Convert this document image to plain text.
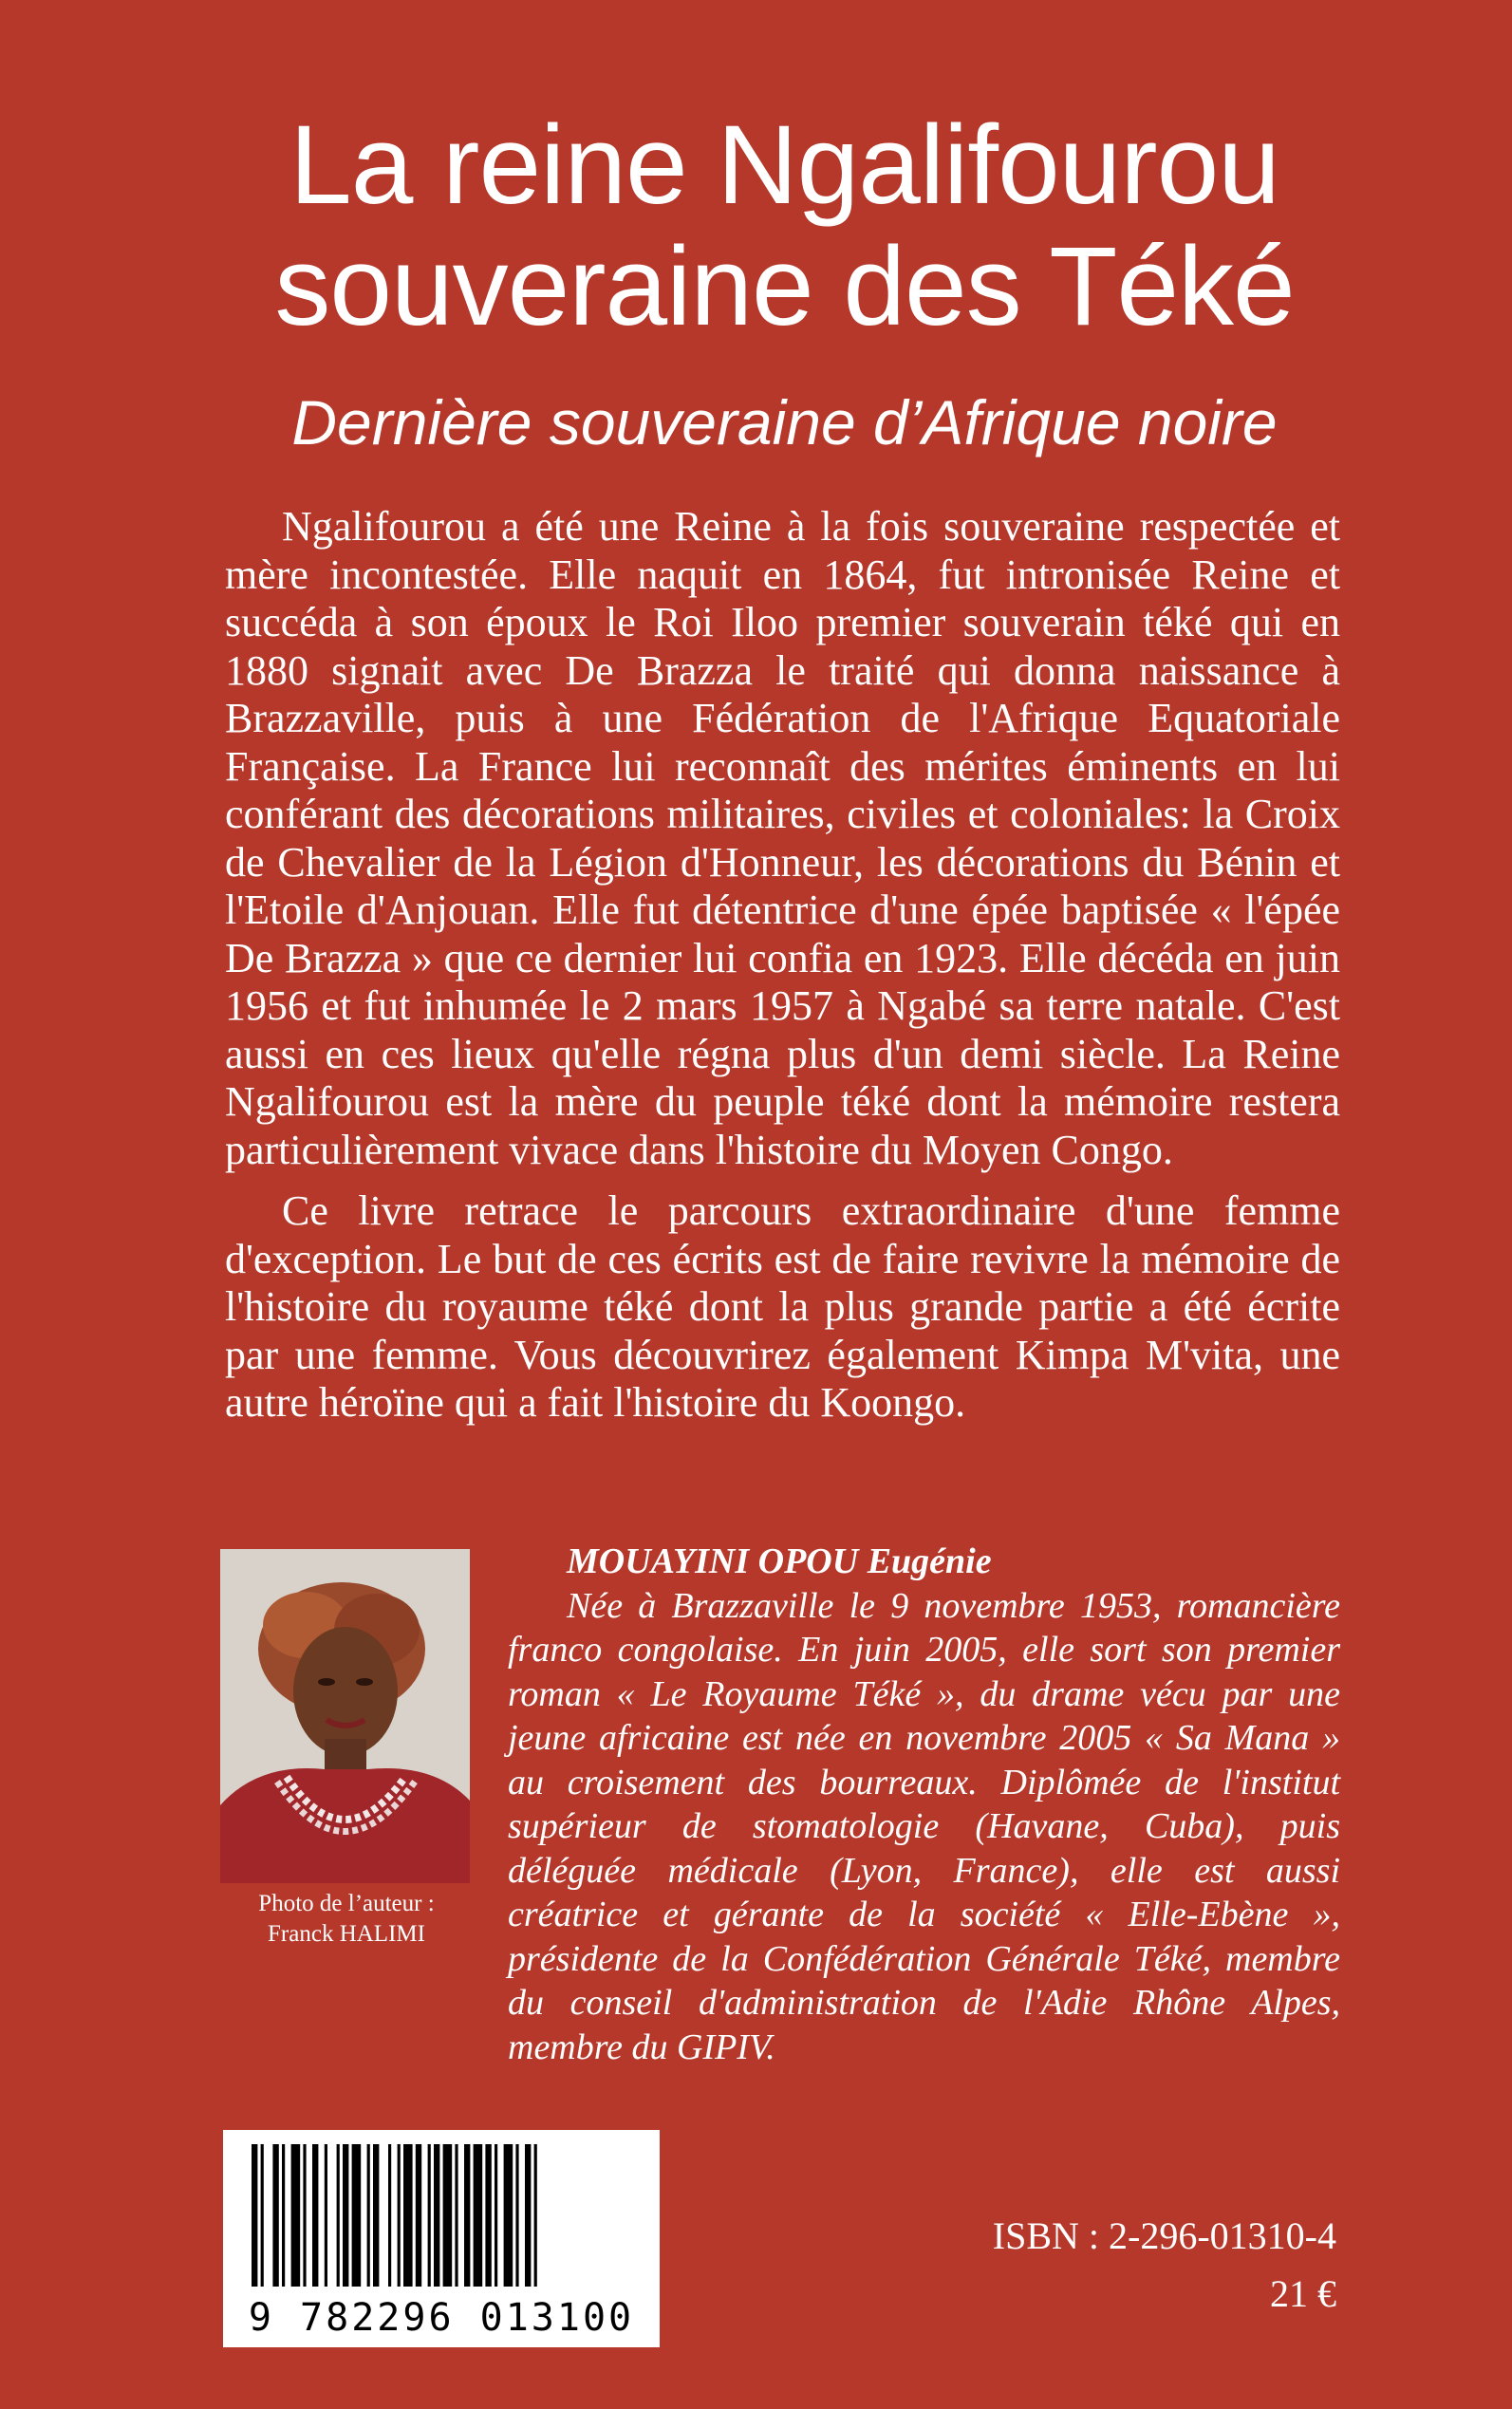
La reine Ngalifourou
souveraine des Téké
Dernière souveraine d’Afrique noire

Ngalifourou a été une Reine à la fois souveraine respectée et mère incontestée. Elle naquit en 1864, fut intronisée Reine et succéda à son époux le Roi Iloo premier souverain téké qui en 1880 signait avec De Brazza le traité qui donna naissance à Brazzaville, puis à une Fédération de l'Afrique Equatoriale Française. La France lui reconnaît des mérites éminents en lui conférant des décorations militaires, civiles et coloniales: la Croix de Chevalier de la Légion d'Honneur, les décorations du Bénin et l'Etoile d'Anjouan. Elle fut détentrice d'une épée baptisée « l'épée De Brazza » que ce dernier lui confia en 1923. Elle décéda en juin 1956 et fut inhumée le 2 mars 1957 à Ngabé sa terre natale. C'est aussi en ces lieux qu'elle régna plus d'un demi siècle. La Reine Ngalifourou est la mère du peuple téké dont la mémoire restera particulièrement vivace dans l'histoire du Moyen Congo.

Ce livre retrace le parcours extraordinaire d'une femme d'exception. Le but de ces écrits est de faire revivre la mémoire de l'histoire du royaume téké dont la plus grande partie a été écrite par une femme. Vous découvrirez également Kimpa M'vita, une autre héroïne qui a fait l'histoire du Koongo.

Photo de l’auteur :
Franck HALIMI
MOUAYINI OPOU Eugénie

Née à Brazzaville le 9 novembre 1953, romancière franco congolaise. En juin 2005, elle sort son premier roman « Le Royaume Téké », du drame vécu par une jeune africaine est née en novembre 2005 « Sa Mana » au croisement des bourreaux. Diplômée de l'institut supérieur de stomatologie (Havane, Cuba), puis déléguée médicale (Lyon, France), elle est aussi créatrice et gérante de la société « Elle-Ebène », présidente de la Confédération Générale Téké, membre du conseil d'administration de l'Adie Rhône Alpes, membre du GIPIV.

9 782296 013100
ISBN : 2-296-01310-4
21 €
